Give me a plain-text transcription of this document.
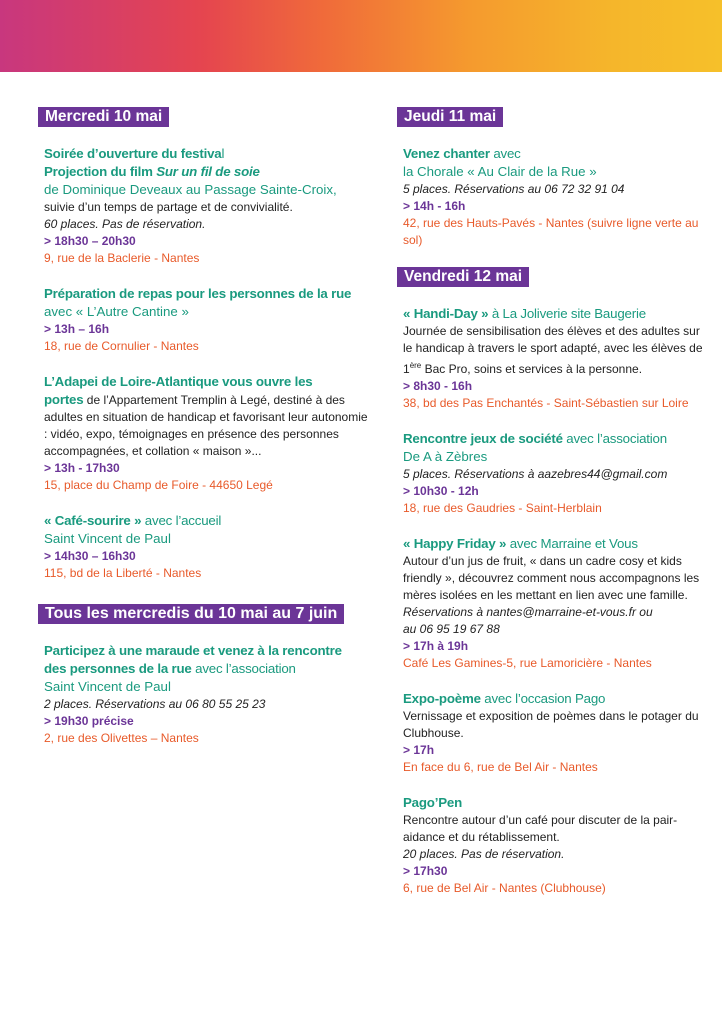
Mercredi 10 mai
Soirée d’ouverture du festival
Projection du film Sur un fil de soie
de Dominique Deveaux au Passage Sainte-Croix,
suivie d’un temps de partage et de convivialité.
60 places. Pas de réservation.
> 18h30 – 20h30
9, rue de la Baclerie - Nantes
Préparation de repas pour les personnes de la rue
avec « L’Autre Cantine »
> 13h – 16h
18, rue de Cornulier - Nantes
L’Adapei de Loire-Atlantique vous ouvre les
portes de l’Appartement Tremplin à Legé, destiné à des adultes en situation de handicap et favorisant leur autonomie : vidéo, expo, témoignages en présence des personnes accompagnées, et collation « maison »...
> 13h - 17h30
15, place du Champ de Foire - 44650 Legé
« Café-sourire » avec l’accueil
Saint Vincent de Paul
> 14h30 – 16h30
115, bd de la Liberté - Nantes
Tous les mercredis du 10 mai au 7 juin
Participez à une maraude et venez à la rencontre
des personnes de la rue avec l’association
Saint Vincent de Paul
2 places. Réservations au 06 80 55 25 23
> 19h30 précise
2, rue des Olivettes – Nantes
Jeudi 11 mai
Venez chanter avec
la Chorale « Au Clair de la Rue »
5 places. Réservations au 06 72 32 91 04
> 14h - 16h
42, rue des Hauts-Pavés - Nantes (suivre ligne verte au sol)
Vendredi 12 mai
« Handi-Day » à La Joliverie site Baugerie
Journée de sensibilisation des élèves et des adultes sur le handicap à travers le sport adapté, avec les élèves de 1ère Bac Pro, soins et services à la personne.
> 8h30 - 16h
38, bd des Pas Enchantés - Saint-Sébastien sur Loire
Rencontre jeux de société avec l’association
De A à Zèbres
5 places. Réservations à aazebres44@gmail.com
> 10h30 - 12h
18, rue des Gaudries - Saint-Herblain
« Happy Friday » avec Marraine et Vous
Autour d’un jus de fruit, « dans un cadre cosy et kids friendly », découvrez comment nous accompagnons les mères isolées en les mettant en lien avec une famille.
Réservations à nantes@marraine-et-vous.fr ou
au 06 95 19 67 88
> 17h à 19h
Café Les Gamines-5, rue Lamoricière - Nantes
Expo-poème avec l’occasion Pago
Vernissage et exposition de poèmes dans le potager du Clubhouse.
> 17h
En face du 6, rue de Bel Air - Nantes
Pago’Pen
Rencontre autour d’un café pour discuter de la pair-aidance et du rétablissement.
20 places. Pas de réservation.
> 17h30
6, rue de Bel Air - Nantes (Clubhouse)
